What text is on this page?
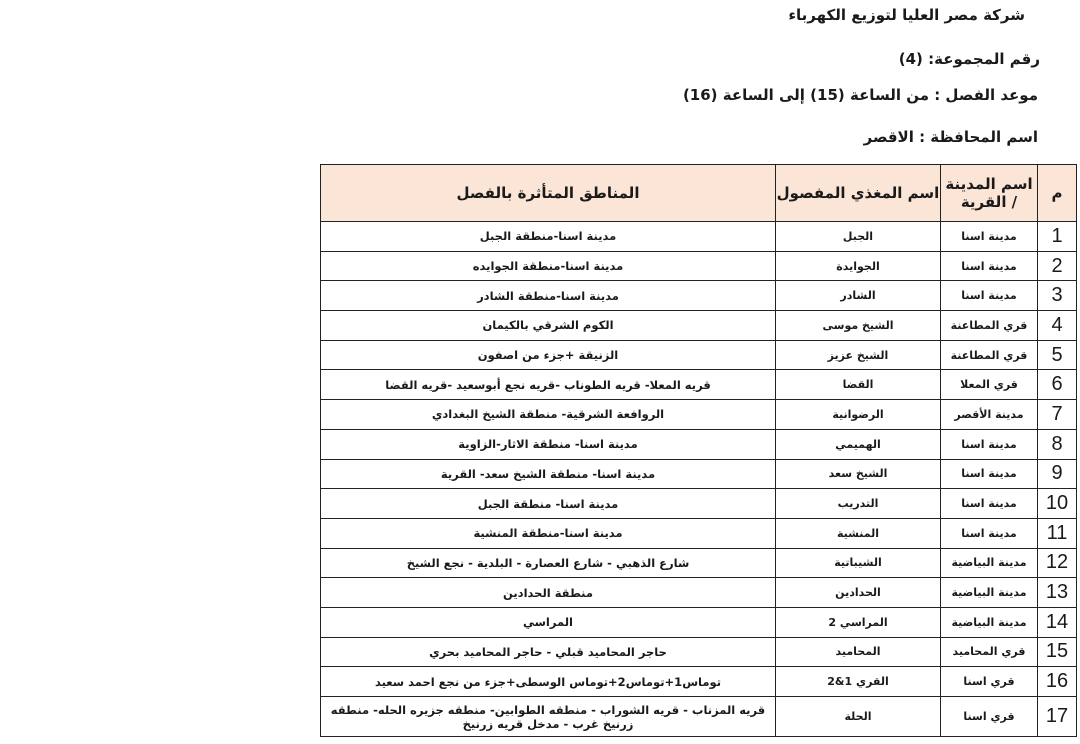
شركة مصر العليا لتوزيع الكهرباء
رقم المجموعة: (4)
موعد الفصل : من الساعة (15) إلى الساعة (16)
اسم المحافظة : الاقصر
م	اسم المدينة / القرية	اسم المغذي المفصول	المناطق المتأثرة بالفصل
1	مدينة اسنا	الجبل	مدينة اسنا-منطقة الجبل
2	مدينة اسنا	الجوايدة	مدينة اسنا-منطقة الجوايده
3	مدينة اسنا	الشادر	مدينة اسنا-منطقة الشادر
4	قري المطاعنة	الشيخ موسى	الكوم الشرقي بالكيمان
5	قري المطاعنة	الشيخ عزيز	الزنيقة +جزء من اصفون
6	قري المعلا	القضا	قريه المعلا- قريه الطوناب -قريه نجع أبوسعيد -قريه القضا
7	مدينة الأقصر	الرضوانية	الروافعة الشرقية- منطقة الشيخ البغدادي
8	مدينة اسنا	الهميمي	مدينة اسنا- منطقة الاثار-الزاوية
9	مدينة اسنا	الشيخ سعد	مدينة اسنا- منطقة الشيخ سعد- القرية
10	مدينة اسنا	التدريب	مدينة اسنا- منطقة الجبل
11	مدينة اسنا	المنشية	مدينة اسنا-منطقة المنشية
12	مدينة البياضية	الشيباتية	شارع الذهبي - شارع العصارة - البلدية - نجع الشيخ
13	مدينة البياضية	الحدادين	منطقة الحدادين
14	مدينة البياضية	المراسي 2	المراسي
15	قري المحاميد	المحاميد	حاجر المحاميد قبلي - حاجر المحاميد بحري
16	قري اسنا	القري 1&2	توماس1+توماس2+توماس الوسطى+جزء من نجع احمد سعيد
17	قري اسنا	الحلة	قريه المزناب - قريه الشوراب - منطقه الطوابين- منطقه جزيره الحله- منطقه زرنيخ غرب - مدخل قريه زرنيخ
